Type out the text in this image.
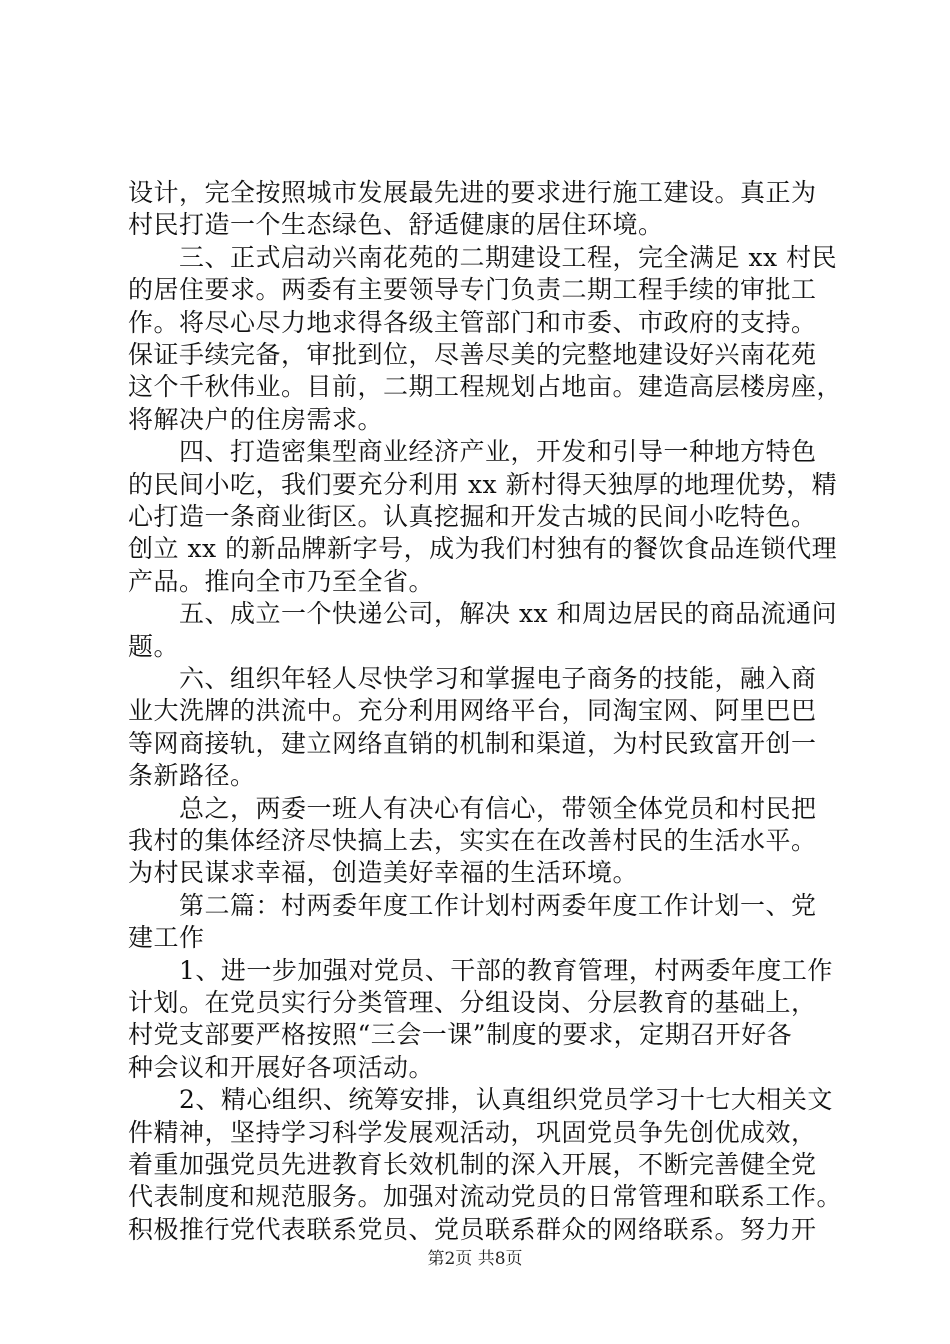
设计，完全按照城市发展最先进的要求进行施工建设。真正为
村民打造一个生态绿色、舒适健康的居住环境。
　　三、正式启动兴南花苑的二期建设工程，完全满足 xx 村民
的居住要求。两委有主要领导专门负责二期工程手续的审批工
作。将尽心尽力地求得各级主管部门和市委、市政府的支持。
保证手续完备，审批到位，尽善尽美的完整地建设好兴南花苑
这个千秋伟业。目前，二期工程规划占地亩。建造高层楼房座，
将解决户的住房需求。
　　四、打造密集型商业经济产业，开发和引导一种地方特色
的民间小吃，我们要充分利用 xx 新村得天独厚的地理优势，精
心打造一条商业街区。认真挖掘和开发古城的民间小吃特色。
创立 xx 的新品牌新字号，成为我们村独有的餐饮食品连锁代理
产品。推向全市乃至全省。
　　五、成立一个快递公司，解决 xx 和周边居民的商品流通问
题。
　　六、组织年轻人尽快学习和掌握电子商务的技能，融入商
业大洗牌的洪流中。充分利用网络平台，同淘宝网、阿里巴巴
等网商接轨，建立网络直销的机制和渠道，为村民致富开创一
条新路径。
　　总之，两委一班人有决心有信心，带领全体党员和村民把
我村的集体经济尽快搞上去，实实在在改善村民的生活水平。
为村民谋求幸福，创造美好幸福的生活环境。
　　第二篇：村两委年度工作计划村两委年度工作计划一、党
建工作
　　1、进一步加强对党员、干部的教育管理，村两委年度工作
计划。在党员实行分类管理、分组设岗、分层教育的基础上，
村党支部要严格按照“三会一课”制度的要求，定期召开好各
种会议和开展好各项活动。
　　2、精心组织、统筹安排，认真组织党员学习十七大相关文
件精神，坚持学习科学发展观活动，巩固党员争先创优成效，
着重加强党员先进教育长效机制的深入开展，不断完善健全党
第2页 共8页
代表制度和规范服务。加强对流动党员的日常管理和联系工作。
积极推行党代表联系党员、党员联系群众的网络联系。努力开
